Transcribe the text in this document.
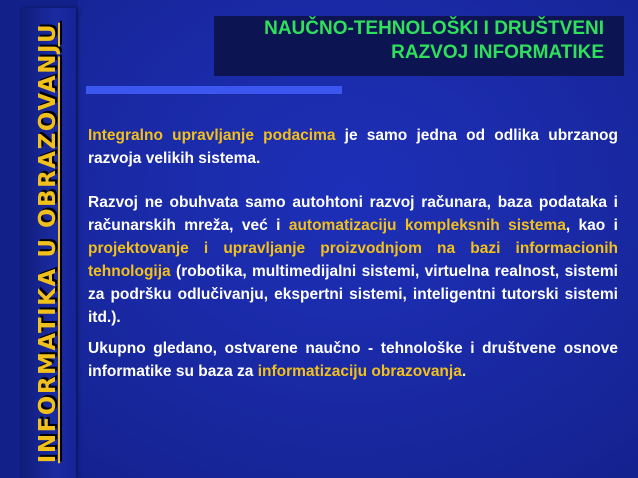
INFORMATIKA U OBRAZOVANJU	NAUČNO-TEHNOLOŠKI I DRUŠTVENI
RAZVOJ INFORMATIKE

Integralno upravljanje podacima je samo jedna od odlika ubrzanog razvoja velikih sistema.

Razvoj ne obuhvata samo autohtoni razvoj računara, baza podataka i računarskih mreža, već i automatizaciju kompleksnih sistema, kao i projektovanje i upravljanje proizvodnjom na bazi informacionih tehnologija (robotika, multimedijalni sistemi, virtuelna realnost, sistemi za podršku odlučivanju, ekspertni sistemi, inteligentni tutorski sistemi itd.).

Ukupno gledano, ostvarene naučno - tehnološke i društvene osnove informatike su baza za informatizaciju obrazovanja.
